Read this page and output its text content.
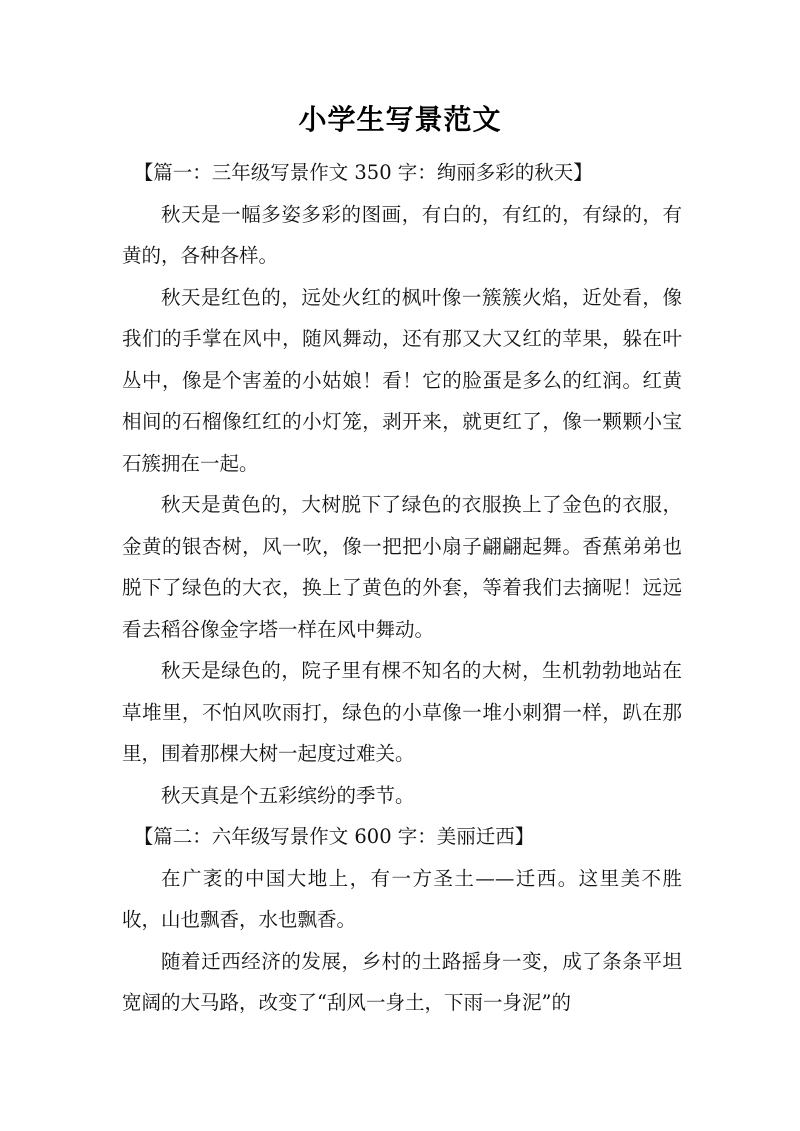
小学生写景范文

【篇一：三年级写景作文 350 字：绚丽多彩的秋天】

秋天是一幅多姿多彩的图画，有白的，有红的，有绿的，有黄的，各种各样。

秋天是红色的，远处火红的枫叶像一簇簇火焰，近处看，像我们的手掌在风中，随风舞动，还有那又大又红的苹果，躲在叶丛中，像是个害羞的小姑娘！看！它的脸蛋是多么的红润。红黄相间的石榴像红红的小灯笼，剥开来，就更红了，像一颗颗小宝石簇拥在一起。

秋天是黄色的，大树脱下了绿色的衣服换上了金色的衣服，金黄的银杏树，风一吹，像一把把小扇子翩翩起舞。香蕉弟弟也脱下了绿色的大衣，换上了黄色的外套，等着我们去摘呢！远远看去稻谷像金字塔一样在风中舞动。

秋天是绿色的，院子里有棵不知名的大树，生机勃勃地站在草堆里，不怕风吹雨打，绿色的小草像一堆小刺猬一样，趴在那里，围着那棵大树一起度过难关。

秋天真是个五彩缤纷的季节。

【篇二：六年级写景作文 600 字：美丽迁西】

在广袤的中国大地上，有一方圣土——迁西。这里美不胜收，山也飘香，水也飘香。

随着迁西经济的发展，乡村的土路摇身一变，成了条条平坦宽阔的大马路，改变了“刮风一身土，下雨一身泥”的
